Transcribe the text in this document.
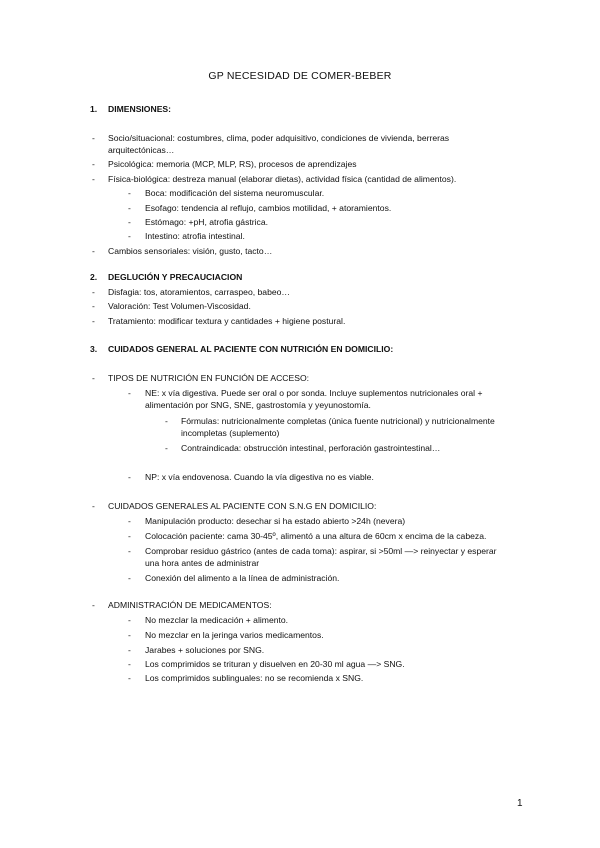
GP NECESIDAD DE COMER-BEBER
1. DIMENSIONES:
- Socio/situacional: costumbres, clima, poder adquisitivo, condiciones de vivienda, berreras
arquitectónicas…
- Psicológica: memoria (MCP, MLP, RS), procesos de aprendizajes
- Física-biológica: destreza manual (elaborar dietas), actividad física (cantidad de alimentos).
- Boca: modificación del sistema neuromuscular.
- Esofago: tendencia al reflujo, cambios motilidad, + atoramientos.
- Estómago: +pH, atrofia gástrica.
- Intestino: atrofia intestinal.
- Cambios sensoriales: visión, gusto, tacto…
2. DEGLUCIÓN Y PRECAUCIACION
- Disfagia: tos, atoramientos, carraspeo, babeo…
- Valoración: Test Volumen-Viscosidad.
- Tratamiento: modificar textura y cantidades + higiene postural.
3. CUIDADOS GENERAL AL PACIENTE CON NUTRICIÓN EN DOMICILIO:
- TIPOS DE NUTRICIÓN EN FUNCIÓN DE ACCESO:
- NE: x vía digestiva. Puede ser oral o por sonda. Incluye suplementos nutricionales oral +
alimentación por SNG, SNE, gastrostomía y yeyunostomía.
- Fórmulas: nutricionalmente completas (única fuente nutricional) y nutricionalmente
incompletas (suplemento)
- Contraindicada: obstrucción intestinal, perforación gastrointestinal…
- NP: x vía endovenosa. Cuando la vía digestiva no es viable.
- CUIDADOS GENERALES AL PACIENTE CON S.N.G EN DOMICILIO:
- Manipulación producto: desechar si ha estado abierto >24h (nevera)
- Colocación paciente: cama 30-45º, alimentó a una altura de 60cm x encima de la cabeza.
- Comprobar residuo gástrico (antes de cada toma): aspirar, si >50ml —> reinyectar y esperar
una hora antes de administrar
- Conexión del alimento a la línea de administración.
- ADMINISTRACIÓN DE MEDICAMENTOS:
- No mezclar la medicación + alimento.
- No mezclar en la jeringa varios medicamentos.
- Jarabes + soluciones por SNG.
- Los comprimidos se trituran y disuelven en 20-30 ml agua —> SNG.
- Los comprimidos sublinguales: no se recomienda x SNG.
1
